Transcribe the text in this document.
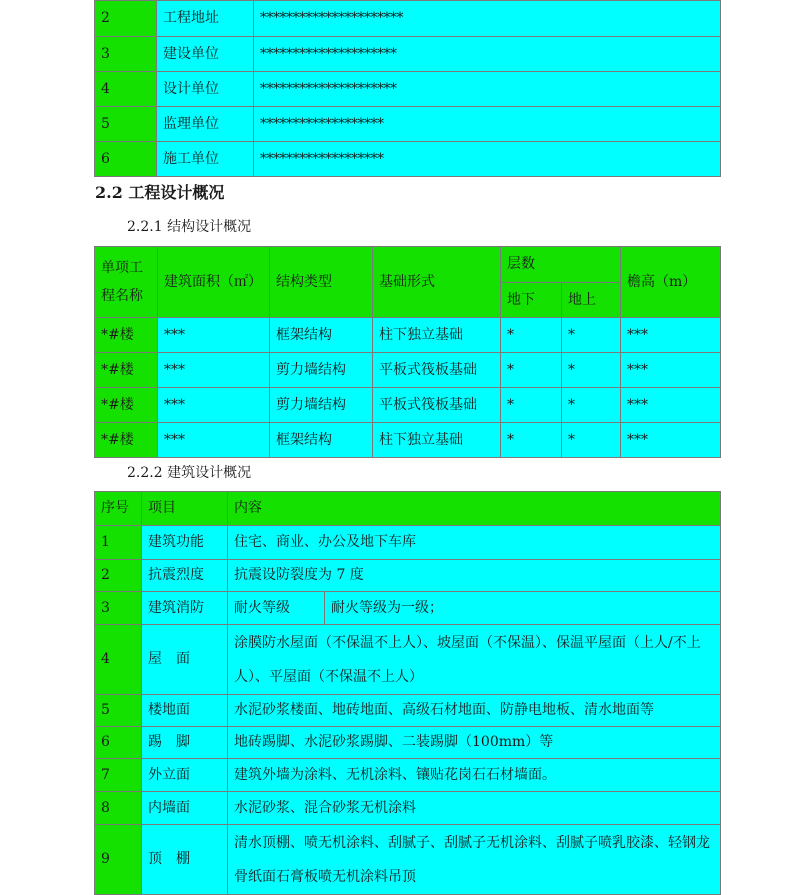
2	工程地址	**********************
3	建设单位	*********************
4	设计单位	*********************
5	监理单位	*******************
6	施工单位	*******************
2.2 工程设计概况

2.2.1 结构设计概况

单项工程名称	建筑面积（㎡）	结构类型	基础形式	层数		檐高（m）
				地下	地上	
*#楼	***	框架结构	柱下独立基础	*	*	***
*#楼	***	剪力墙结构	平板式筏板基础	*	*	***
*#楼	***	剪力墙结构	平板式筏板基础	*	*	***
*#楼	***	框架结构	柱下独立基础	*	*	***

2.2.2 建筑设计概况

序号	项目	内容	
1	建筑功能	住宅、商业、办公及地下车库	
2	抗震烈度	抗震设防裂度为 7 度	
3	建筑消防	耐火等级	耐火等级为一级；
4	屋　面	涂膜防水屋面（不保温不上人）、坡屋面（不保温）、保温平屋面（上人/不上人）、平屋面（不保温不上人）	
5	楼地面	水泥砂浆楼面、地砖地面、高级石材地面、防静电地板、清水地面等	
6	踢　脚	地砖踢脚、水泥砂浆踢脚、二装踢脚（100mm）等	
7	外立面	建筑外墙为涂料、无机涂料、镶贴花岗石石材墙面。	
8	内墙面	水泥砂浆、混合砂浆无机涂料	
9	顶　棚	清水顶棚、喷无机涂料、刮腻子、刮腻子无机涂料、刮腻子喷乳胶漆、轻钢龙骨纸面石膏板喷无机涂料吊顶	
